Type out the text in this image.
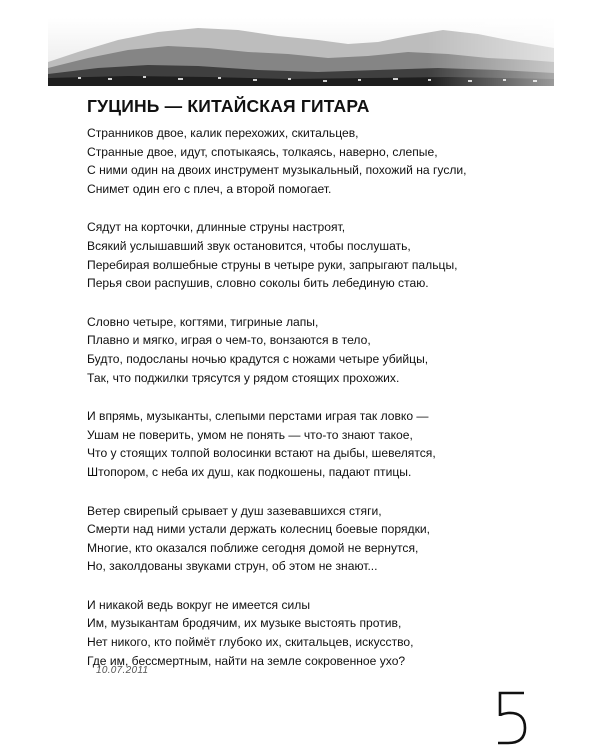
ГУЦИНЬ — КИТАЙСКАЯ ГИТАРА
Странников двое, калик перехожих, скитальцев,
Странные двое, идут, спотыкаясь, толкаясь, наверно, слепые,
С ними один на двоих инструмент музыкальный, похожий на гусли,
Снимет один его с плеч, а второй помогает.
Сядут на корточки, длинные струны настроят,
Всякий услышавший звук остановится, чтобы послушать,
Перебирая волшебные струны в четыре руки, запрыгают пальцы,
Перья свои распушив, словно соколы бить лебединую стаю.
Словно четыре, когтями, тигриные лапы,
Плавно и мягко, играя о чем-то, вонзаются в тело,
Будто, подосланы ночью крадутся с ножами четыре убийцы,
Так, что поджилки трясутся у рядом стоящих прохожих.
И впрямь, музыканты, слепыми перстами играя так ловко —
Ушам не поверить, умом не понять — что-то знают такое,
Что у стоящих толпой волосинки встают на дыбы, шевелятся,
Штопором, с неба их душ, как подкошены, падают птицы.
Ветер свирепый срывает у душ зазевавшихся стяги,
Смерти над ними устали держать колесниц боевые порядки,
Многие, кто оказался поближе сегодня домой не вернутся,
Но, заколдованы звуками струн, об этом не знают...
И никакой ведь вокруг не имеется силы
Им, музыкантам бродячим, их музыке выстоять против,
Нет никого, кто поймёт глубоко их, скитальцев, искусство,
Где им, бессмертным, найти на земле сокровенное ухо?
10.07.2011
5
